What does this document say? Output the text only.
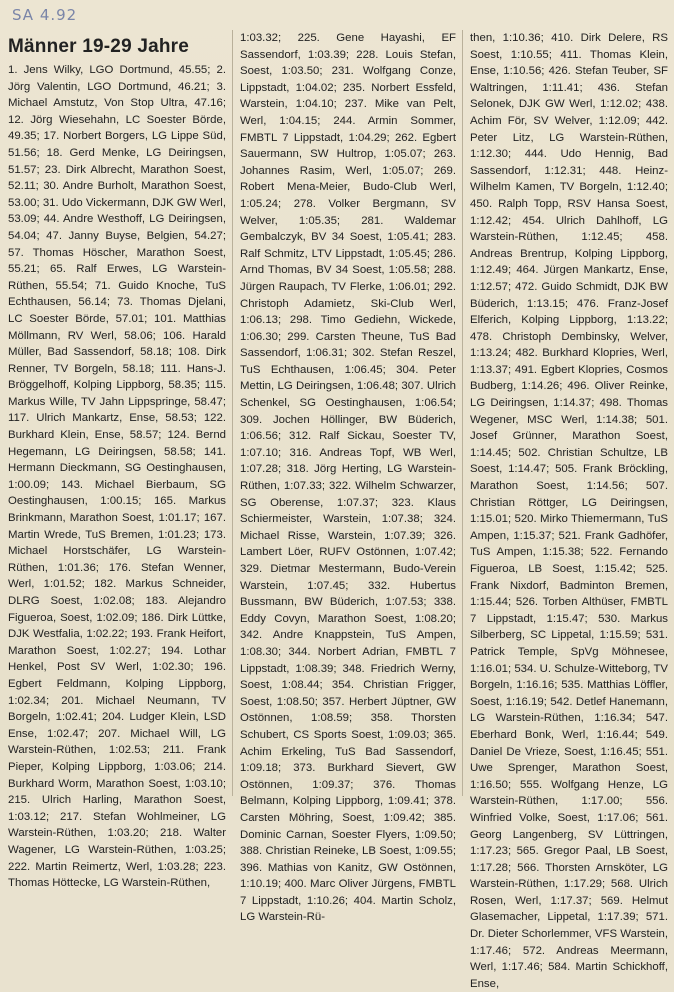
SA 4.92
Männer 19-29 Jahre
1. Jens Wilky, LGO Dortmund, 45.55; 2. Jörg Valentin, LGO Dortmund, 46.21; 3. Michael Amstutz, Von Stop Ultra, 47.16; 12. Jörg Wiesehahn, LC Soester Börde, 49.35; 17. Norbert Borgers, LG Lippe Süd, 51.56; 18. Gerd Menke, LG Deiringsen, 51.57; 23. Dirk Albrecht, Marathon Soest, 52.11; 30. Andre Burholt, Marathon Soest, 53.00; 31. Udo Vickermann, DJK GW Werl, 53.09; 44. Andre Westhoff, LG Deiringsen, 54.04; 47. Janny Buyse, Belgien, 54.27; 57. Thomas Höscher, Marathon Soest, 55.21; 65. Ralf Erwes, LG Warstein-Rüthen, 55.54; 71. Guido Knoche, TuS Echthausen, 56.14; 73. Thomas Djelani, LC Soester Börde, 57.01; 101. Matthias Möllmann, RV Werl, 58.06; 106. Harald Müller, Bad Sassendorf, 58.18; 108. Dirk Renner, TV Borgeln, 58.18; 111. Hans-J. Bröggelhoff, Kolping Lippborg, 58.35; 115. Markus Wille, TV Jahn Lippspringe, 58.47; 117. Ulrich Mankartz, Ense, 58.53; 122. Burkhard Klein, Ense, 58.57; 124. Bernd Hegemann, LG Deiringsen, 58.58; 141. Hermann Dieckmann, SG Oestinghausen, 1:00.09; 143. Michael Bierbaum, SG Oestinghausen, 1:00.15; 165. Markus Brinkmann, Marathon Soest, 1:01.17; 167. Martin Wrede, TuS Bremen, 1:01.23; 173. Michael Horstschäfer, LG Warstein-Rüthen, 1:01.36; 176. Stefan Wenner, Werl, 1:01.52; 182. Markus Schneider, DLRG Soest, 1:02.08; 183. Alejandro Figueroa, Soest, 1:02.09; 186. Dirk Lüttke, DJK Westfalia, 1:02.22; 193. Frank Heifort, Marathon Soest, 1:02.27; 194. Lothar Henkel, Post SV Werl, 1:02.30; 196. Egbert Feldmann, Kolping Lippborg, 1:02.34; 201. Michael Neumann, TV Borgeln, 1:02.41; 204. Ludger Klein, LSD Ense, 1:02.47; 207. Michael Will, LG Warstein-Rüthen, 1:02.53; 211. Frank Pieper, Kolping Lippborg, 1:03.06; 214. Burkhard Worm, Marathon Soest, 1:03.10; 215. Ulrich Harling, Marathon Soest, 1:03.12; 217. Stefan Wohlmeiner, LG Warstein-Rüthen, 1:03.20; 218. Walter Wagener, LG Warstein-Rüthen, 1:03.25; 222. Martin Reimertz, Werl, 1:03.28; 223. Thomas Höttecke, LG Warstein-Rüthen,
1:03.32; 225. Gene Hayashi, EF Sassendorf, 1:03.39; 228. Louis Stefan, Soest, 1:03.50; 231. Wolfgang Conze, Lippstadt, 1:04.02; 235. Norbert Essfeld, Warstein, 1:04.10; 237. Mike van Pelt, Werl, 1:04.15; 244. Armin Sommer, FMBTL 7 Lippstadt, 1:04.29; 262. Egbert Sauermann, SW Hultrop, 1:05.07; 263. Johannes Rasim, Werl, 1:05.07; 269. Robert Mena-Meier, Budo-Club Werl, 1:05.24; 278. Volker Bergmann, SV Welver, 1:05.35; 281. Waldemar Gembalczyk, BV 34 Soest, 1:05.41; 283. Ralf Schmitz, LTV Lippstadt, 1:05.45; 286. Arnd Thomas, BV 34 Soest, 1:05.58; 288. Jürgen Raupach, TV Flerke, 1:06.01; 292. Christoph Adamietz, Ski-Club Werl, 1:06.13; 298. Timo Gediehn, Wickede, 1:06.30; 299. Carsten Theune, TuS Bad Sassendorf, 1:06.31; 302. Stefan Reszel, TuS Echthausen, 1:06.45; 304. Peter Mettin, LG Deiringsen, 1:06.48; 307. Ulrich Schenkel, SG Oestinghausen, 1:06.54; 309. Jochen Höllinger, BW Büderich, 1:06.56; 312. Ralf Sickau, Soester TV, 1:07.10; 316. Andreas Topf, WB Werl, 1:07.28; 318. Jörg Herting, LG Warstein-Rüthen, 1:07.33; 322. Wilhelm Schwarzer, SG Oberense, 1:07.37; 323. Klaus Schiermeister, Warstein, 1:07.38; 324. Michael Risse, Warstein, 1:07.39; 326. Lambert Löer, RUFV Ostönnen, 1:07.42; 329. Dietmar Mestermann, Budo-Verein Warstein, 1:07.45; 332. Hubertus Bussmann, BW Büderich, 1:07.53; 338. Eddy Covyn, Marathon Soest, 1:08.20; 342. Andre Knappstein, TuS Ampen, 1:08.30; 344. Norbert Adrian, FMBTL 7 Lippstadt, 1:08.39; 348. Friedrich Werny, Soest, 1:08.44; 354. Christian Frigger, Soest, 1:08.50; 357. Herbert Jüptner, GW Ostönnen, 1:08.59; 358. Thorsten Schubert, CS Sports Soest, 1:09.03; 365. Achim Erkeling, TuS Bad Sassendorf, 1:09.18; 373. Burkhard Sievert, GW Ostönnen, 1:09.37; 376. Thomas Belmann, Kolping Lippborg, 1:09.41; 378. Carsten Möhring, Soest, 1:09.42; 385. Dominic Carnan, Soester Flyers, 1:09.50; 388. Christian Reineke, LB Soest, 1:09.55; 396. Mathias von Kanitz, GW Ostönnen, 1:10.19; 400. Marc Oliver Jürgens, FMBTL 7 Lippstadt, 1:10.26; 404. Martin Scholz, LG Warstein-Rü-
then, 1:10.36; 410. Dirk Delere, RS Soest, 1:10.55; 411. Thomas Klein, Ense, 1:10.56; 426. Stefan Teuber, SF Waltringen, 1:11.41; 436. Stefan Selonek, DJK GW Werl, 1:12.02; 438. Achim För, SV Welver, 1:12.09; 442. Peter Litz, LG Warstein-Rüthen, 1:12.30; 444. Udo Hennig, Bad Sassendorf, 1:12.31; 448. Heinz-Wilhelm Kamen, TV Borgeln, 1:12.40; 450. Ralph Topp, RSV Hansa Soest, 1:12.42; 454. Ulrich Dahlhoff, LG Warstein-Rüthen, 1:12.45; 458. Andreas Brentrup, Kolping Lippborg, 1:12.49; 464. Jürgen Mankartz, Ense, 1:12.57; 472. Guido Schmidt, DJK BW Büderich, 1:13.15; 476. Franz-Josef Elferich, Kolping Lippborg, 1:13.22; 478. Christoph Dembinsky, Welver, 1:13.24; 482. Burkhard Klopries, Werl, 1:13.37; 491. Egbert Klopries, Cosmos Budberg, 1:14.26; 496. Oliver Reinke, LG Deiringsen, 1:14.37; 498. Thomas Wegener, MSC Werl, 1:14.38; 501. Josef Grünner, Marathon Soest, 1:14.45; 502. Christian Schultze, LB Soest, 1:14.47; 505. Frank Bröckling, Marathon Soest, 1:14.56; 507. Christian Röttger, LG Deiringsen, 1:15.01; 520. Mirko Thiemermann, TuS Ampen, 1:15.37; 521. Frank Gadhöfer, TuS Ampen, 1:15.38; 522. Fernando Figueroa, LB Soest, 1:15.42; 525. Frank Nixdorf, Badminton Bremen, 1:15.44; 526. Torben Althüser, FMBTL 7 Lippstadt, 1:15.47; 530. Markus Silberberg, SC Lippetal, 1:15.59; 531. Patrick Temple, SpVg Möhnesee, 1:16.01; 534. U. Schulze-Witteborg, TV Borgeln, 1:16.16; 535. Matthias Löffler, Soest, 1:16.19; 542. Detlef Hanemann, LG Warstein-Rüthen, 1:16.34; 547. Eberhard Bonk, Werl, 1:16.44; 549. Daniel De Vrieze, Soest, 1:16.45; 551. Uwe Sprenger, Marathon Soest, 1:16.50; 555. Wolfgang Henze, LG Warstein-Rüthen, 1:17.00; 556. Winfried Volke, Soest, 1:17.06; 561. Georg Langenberg, SV Lüttringen, 1:17.23; 565. Gregor Paal, LB Soest, 1:17.28; 566. Thorsten Arnsköter, LG Warstein-Rüthen, 1:17.29; 568. Ulrich Rosen, Werl, 1:17.37; 569. Helmut Glasemacher, Lippetal, 1:17.39; 571. Dr. Dieter Schorlemmer, VFS Warstein, 1:17.46; 572. Andreas Meermann, Werl, 1:17.46; 584. Martin Schickhoff, Ense,
